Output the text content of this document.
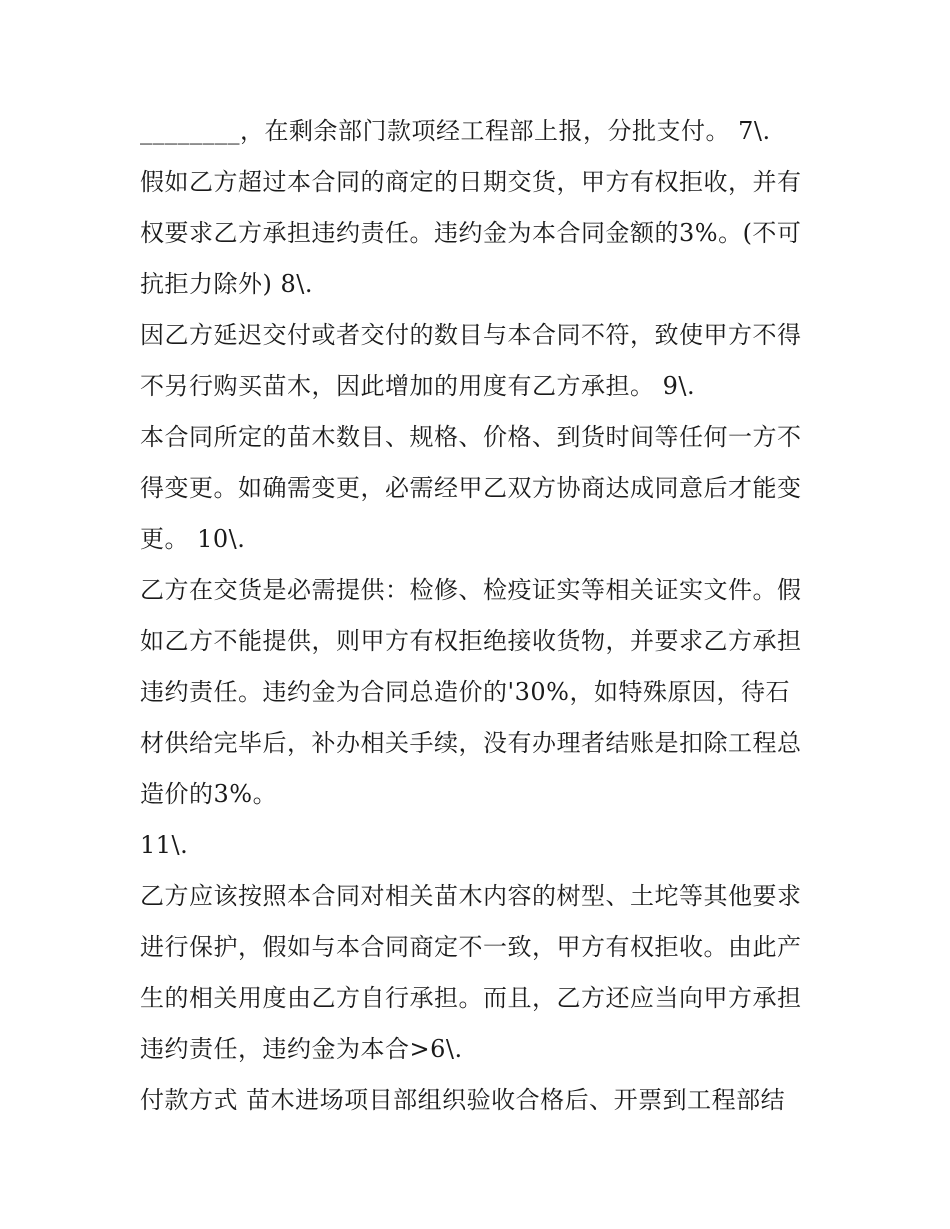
________，在剩余部门款项经工程部上报，分批支付。 7\.
假如乙方超过本合同的商定的日期交货，甲方有权拒收，并有
权要求乙方承担违约责任。违约金为本合同金额的3%。(不可
抗拒力除外) 8\.
因乙方延迟交付或者交付的数目与本合同不符，致使甲方不得
不另行购买苗木，因此增加的用度有乙方承担。 9\.
本合同所定的苗木数目、规格、价格、到货时间等任何一方不
得变更。如确需变更，必需经甲乙双方协商达成同意后才能变
更。 10\.
乙方在交货是必需提供：检修、检疫证实等相关证实文件。假
如乙方不能提供，则甲方有权拒绝接收货物，并要求乙方承担
违约责任。违约金为合同总造价的'30%，如特殊原因，待石
材供给完毕后，补办相关手续，没有办理者结账是扣除工程总
造价的3%。
11\.
乙方应该按照本合同对相关苗木内容的树型、土坨等其他要求
进行保护，假如与本合同商定不一致，甲方有权拒收。由此产
生的相关用度由乙方自行承担。而且，乙方还应当向甲方承担
违约责任，违约金为本合>6\.
付款方式 苗木进场项目部组织验收合格后、开票到工程部结
